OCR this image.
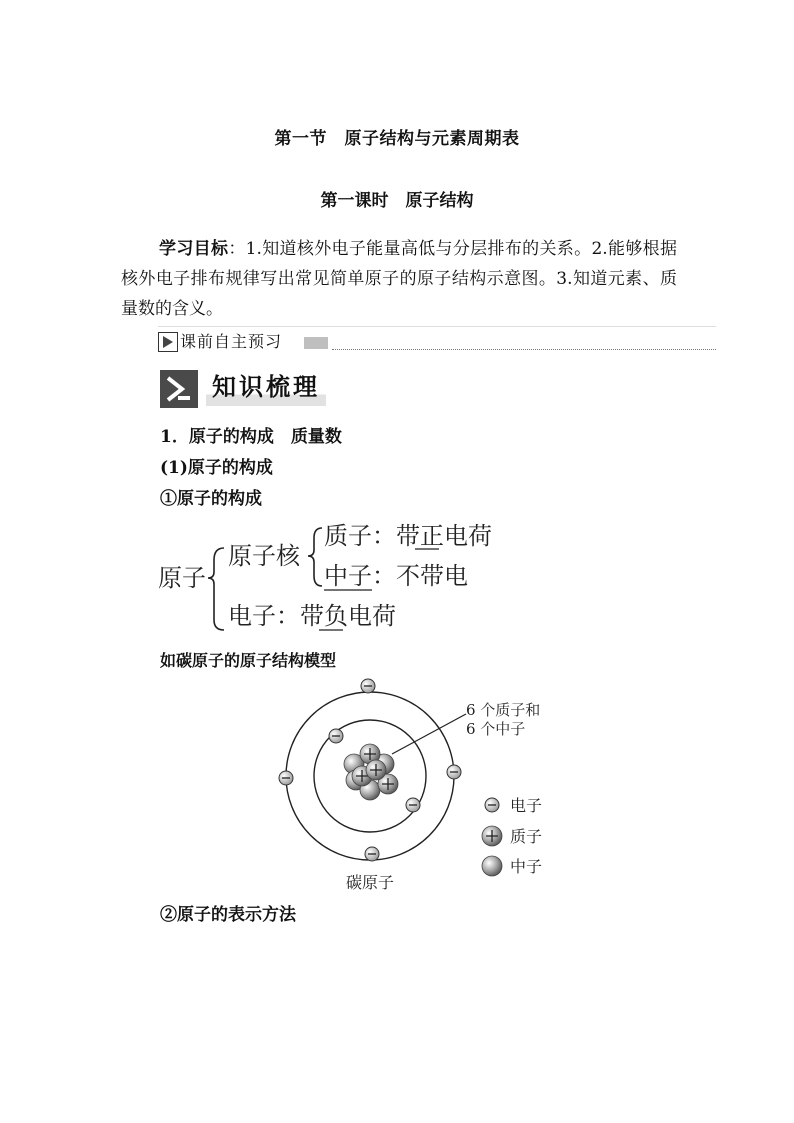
第一节　原子结构与元素周期表
第一课时　原子结构
学习目标：1.知道核外电子能量高低与分层排布的关系。2.能够根据核外电子排布规律写出常见简单原子的原子结构示意图。3.知道元素、质量数的含义。
课前自主预习
知识梳理
1．原子的构成　质量数
(1)原子的构成
①原子的构成
原子
原子核
质子：带正电荷
中子：不带电
电子：带负电荷
如碳原子的原子结构模型
6 个质子和
6 个中子
电子
质子
中子
碳原子
②原子的表示方法
